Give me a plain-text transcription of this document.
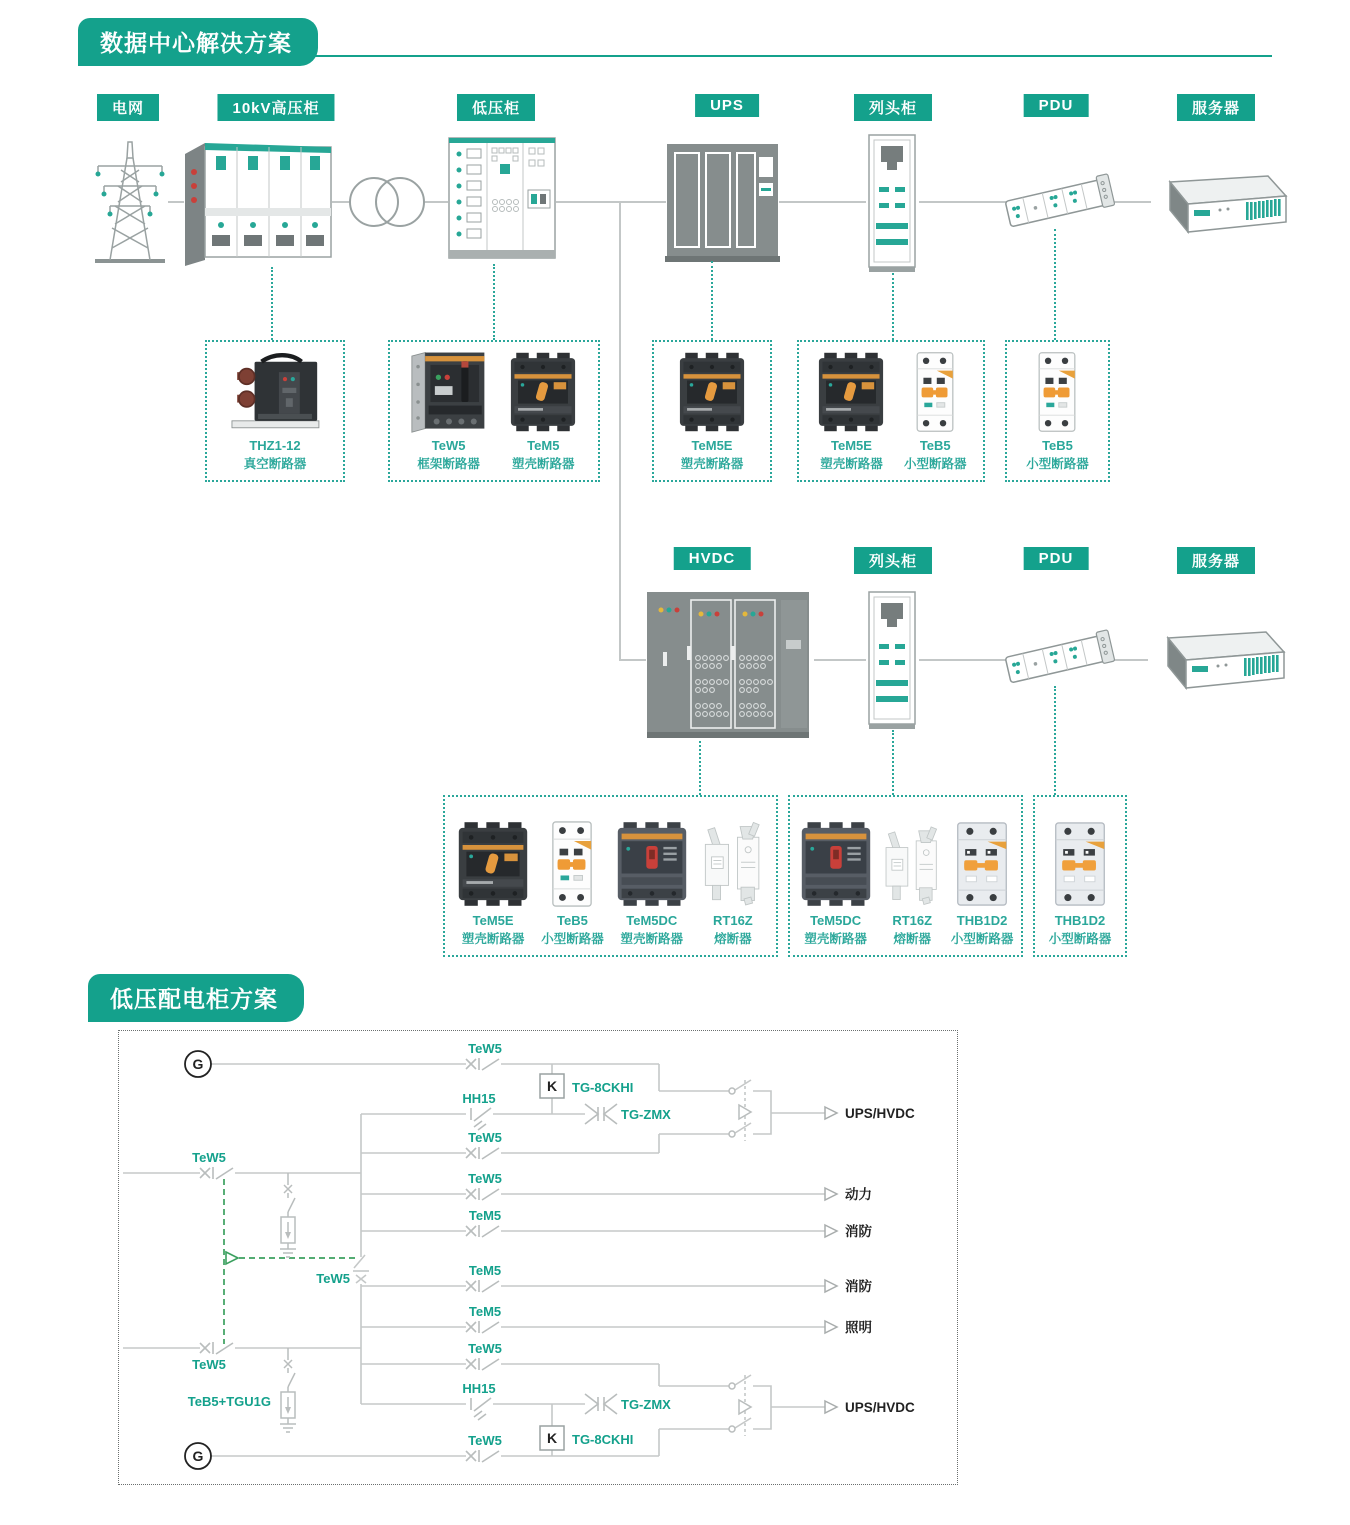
数据中心解决方案
电网	10kV高压柜	低压柜	UPS	列头柜	PDU	服务器
HVDC	列头柜	PDU	服务器
THZ1-12
真空断路器
TeW5
框架断路器
TeM5
塑壳断路器
TeM5E
塑壳断路器
TeM5E
塑壳断路器
TeB5
小型断路器
TeB5
小型断路器
TeM5E
塑壳断路器
TeB5
小型断路器
TeM5DC
塑壳断路器
RT16Z
熔断器
TeM5DC
塑壳断路器
RT16Z
熔断器
THB1D2
小型断路器
THB1D2
小型断路器
低压配电柜方案
TeW5
HH15
TeW5
TeW5
TeW5
TeM5
TeM5
TeM5
TeW5
TeW5
HH15
TeW5
TeW5
TeB5+TGU1G
TG-8CKHI
TG-ZMX
TG-ZMX
TG-8CKHI
UPS/HVDC
动力
消防
消防
照明
UPS/HVDC
G
G
K
K
